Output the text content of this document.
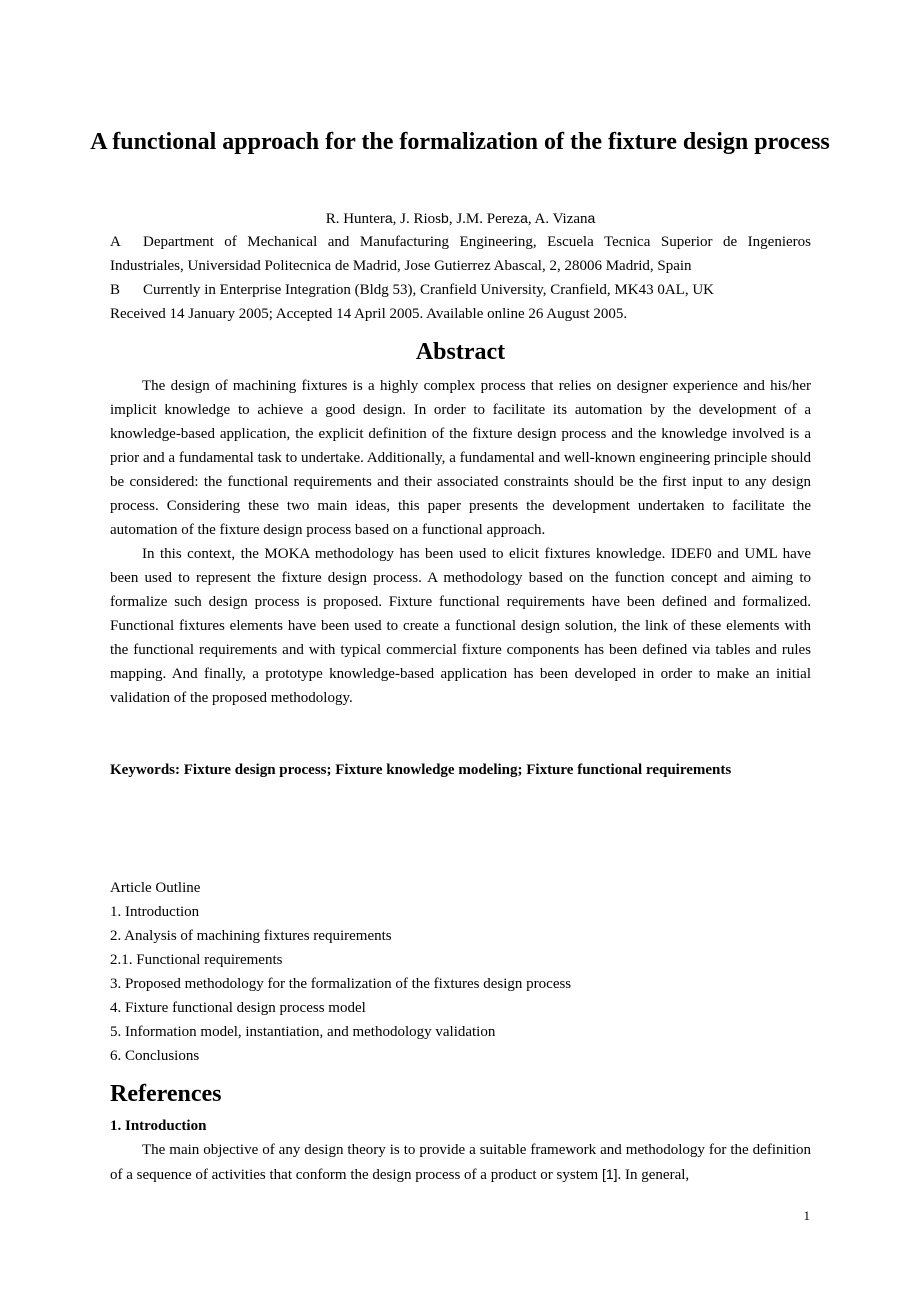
A functional approach for the formalization of the fixture design process
R. Huntera, J. Riosb, J.M. Pereza, A. Vizana

A Department of Mechanical and Manufacturing Engineering, Escuela Tecnica Superior de Ingenieros Industriales, Universidad Politecnica de Madrid, Jose Gutierrez Abascal, 2, 28006 Madrid, Spain

B Currently in Enterprise Integration (Bldg 53), Cranfield University, Cranfield, MK43 0AL, UK

Received 14 January 2005; Accepted 14 April 2005. Available online 26 August 2005.

Abstract

The design of machining fixtures is a highly complex process that relies on designer experience and his/her implicit knowledge to achieve a good design. In order to facilitate its automation by the development of a knowledge-based application, the explicit definition of the fixture design process and the knowledge involved is a prior and a fundamental task to undertake. Additionally, a fundamental and well-known engineering principle should be considered: the functional requirements and their associated constraints should be the first input to any design process. Considering these two main ideas, this paper presents the development undertaken to facilitate the automation of the fixture design process based on a functional approach.

In this context, the MOKA methodology has been used to elicit fixtures knowledge. IDEF0 and UML have been used to represent the fixture design process. A methodology based on the function concept and aiming to formalize such design process is proposed. Fixture functional requirements have been defined and formalized. Functional fixtures elements have been used to create a functional design solution, the link of these elements with the functional requirements and with typical commercial fixture components has been defined via tables and rules mapping. And finally, a prototype knowledge-based application has been developed in order to make an initial validation of the proposed methodology.

Keywords: Fixture design process; Fixture knowledge modeling; Fixture functional requirements

Article Outline

1. Introduction

2. Analysis of machining fixtures requirements

2.1. Functional requirements

3. Proposed methodology for the formalization of the fixtures design process

4. Fixture functional design process model

5. Information model, instantiation, and methodology validation

6. Conclusions

References

1. Introduction

The main objective of any design theory is to provide a suitable framework and methodology for the definition of a sequence of activities that conform the design process of a product or system [1]. In general,

1
